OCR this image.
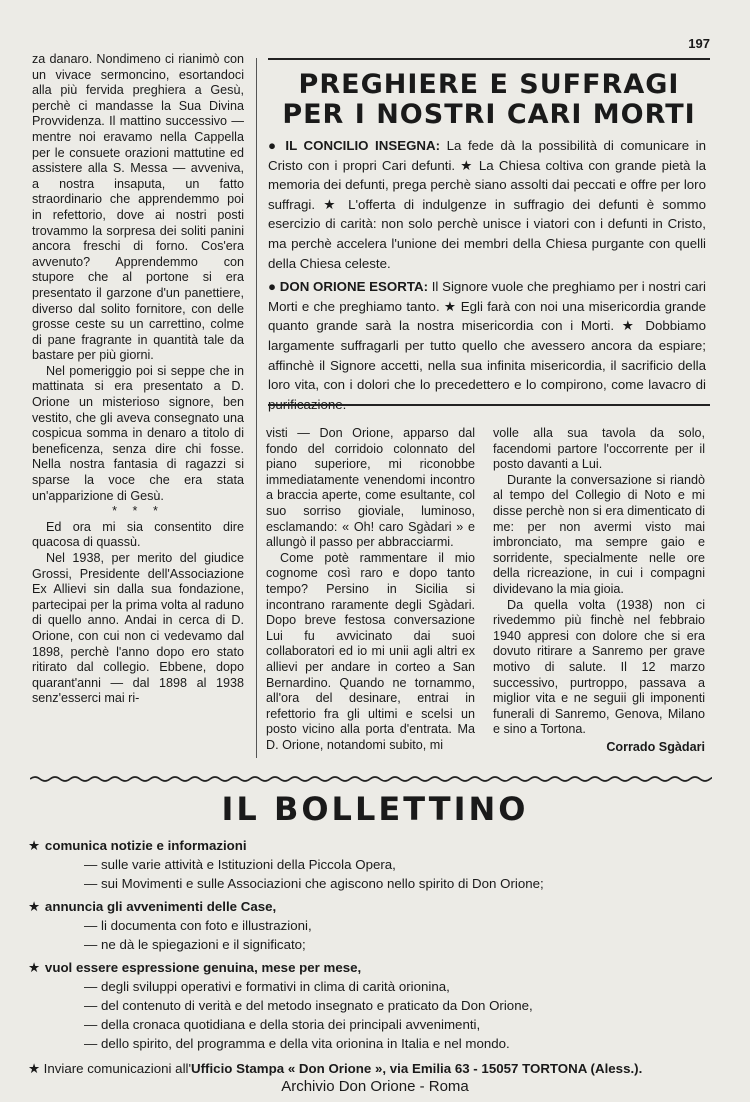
197

za danaro. Nondimeno ci rianimò con un vivace sermoncino, esortandoci alla più fervida preghiera a Gesù, perchè ci mandasse la Sua Divina Provvidenza. Il mattino successivo — mentre noi eravamo nella Cappella per le consuete orazioni mattutine ed assistere alla S. Messa — avveniva, a nostra insaputa, un fatto straordinario che apprendemmo poi in refettorio, dove ai nostri posti trovammo la sorpresa dei soliti panini ancora freschi di forno. Cos'era avvenuto? Apprendemmo con stupore che al portone si era presentato il garzone d'un panettiere, diverso dal solito fornitore, con delle grosse ceste su un carrettino, colme di pane fragrante in quantità tale da bastare per più giorni.

Nel pomeriggio poi si seppe che in mattinata si era presentato a D. Orione un misterioso signore, ben vestito, che gli aveva consegnato una cospicua somma in denaro a titolo di beneficenza, senza dire chi fosse. Nella nostra fantasia di ragazzi si sparse la voce che era stata un'apparizione di Gesù.

* * *

Ed ora mi sia consentito dire quacosa di quassù.

Nel 1938, per merito del giudice Grossi, Presidente dell'Associazione Ex Allievi sin dalla sua fondazione, partecipai per la prima volta al raduno di quello anno. Andai in cerca di D. Orione, con cui non ci vedevamo dal 1898, perchè l'anno dopo ero stato ritirato dal collegio. Ebbene, dopo quarant'anni — dal 1898 al 1938 senz'esserci mai ri-

PREGHIERE E SUFFRAGI
PER I NOSTRI CARI MORTI

● IL CONCILIO INSEGNA: La fede dà la possibilità di comunicare in Cristo con i propri Cari defunti. ★ La Chiesa coltiva con grande pietà la memoria dei defunti, prega perchè siano assolti dai peccati e offre per loro suffragi. ★ L'offerta di indulgenze in suffragio dei defunti è sommo esercizio di carità: non solo perchè unisce i viatori con i defunti in Cristo, ma perchè accelera l'unione dei membri della Chiesa purgante con quelli della Chiesa celeste.

● DON ORIONE ESORTA: Il Signore vuole che preghiamo per i nostri cari Morti e che preghiamo tanto. ★ Egli farà con noi una misericordia grande quanto grande sarà la nostra misericordia con i Morti. ★ Dobbiamo largamente suffragarli per tutto quello che avessero ancora da espiare; affinchè il Signore accetti, nella sua infinita misericordia, il sacrificio della loro vita, con i dolori che lo precedettero e lo compirono, come lavacro di purificazione.

visti — Don Orione, apparso dal fondo del corridoio colonnato del piano superiore, mi riconobbe immediatamente venendomi incontro a braccia aperte, come esultante, col suo sorriso gioviale, luminoso, esclamando: « Oh! caro Sgàdari » e allungò il passo per abbracciarmi.

Come potè rammentare il mio cognome così raro e dopo tanto tempo? Persino in Sicilia si incontrano raramente degli Sgàdari. Dopo breve festosa conversazione Lui fu avvicinato dai suoi collaboratori ed io mi unii agli altri ex allievi per andare in corteo a San Bernardino. Quando ne tornammo, all'ora del desinare, entrai in refettorio fra gli ultimi e scelsi un posto vicino alla porta d'entrata. Ma D. Orione, notandomi subito, mi

volle alla sua tavola da solo, facendomi partore l'occorrente per il posto davanti a Lui.

Durante la conversazione si riandò al tempo del Collegio di Noto e mi disse perchè non si era dimenticato di me: per non avermi visto mai imbronciato, ma sempre gaio e sorridente, specialmente nelle ore della ricreazione, in cui i compagni dividevano la mia gioia.

Da quella volta (1938) non ci rivedemmo più finchè nel febbraio 1940 appresi con dolore che si era dovuto ritirare a Sanremo per grave motivo di salute. Il 12 marzo successivo, purtroppo, passava a miglior vita e ne seguii gli imponenti funerali di Sanremo, Genova, Milano e sino a Tortona.

Corrado Sgàdari
IL BOLLETTINO
★ comunica notizie e informazioni
— sulle varie attività e Istituzioni della Piccola Opera,
— sui Movimenti e sulle Associazioni che agiscono nello spirito di Don Orione;
★ annuncia gli avvenimenti delle Case,
— li documenta con foto e illustrazioni,
— ne dà le spiegazioni e il significato;
★ vuol essere espressione genuina, mese per mese,
— degli sviluppi operativi e formativi in clima di carità orionina,
— del contenuto di verità e del metodo insegnato e praticato da Don Orione,
— della cronaca quotidiana e della storia dei principali avvenimenti,
— dello spirito, del programma e della vita orionina in Italia e nel mondo.
★ Inviare comunicazioni all'Ufficio Stampa « Don Orione », via Emilia 63 - 15057 TORTONA (Aless.).
Archivio Don Orione - Roma
